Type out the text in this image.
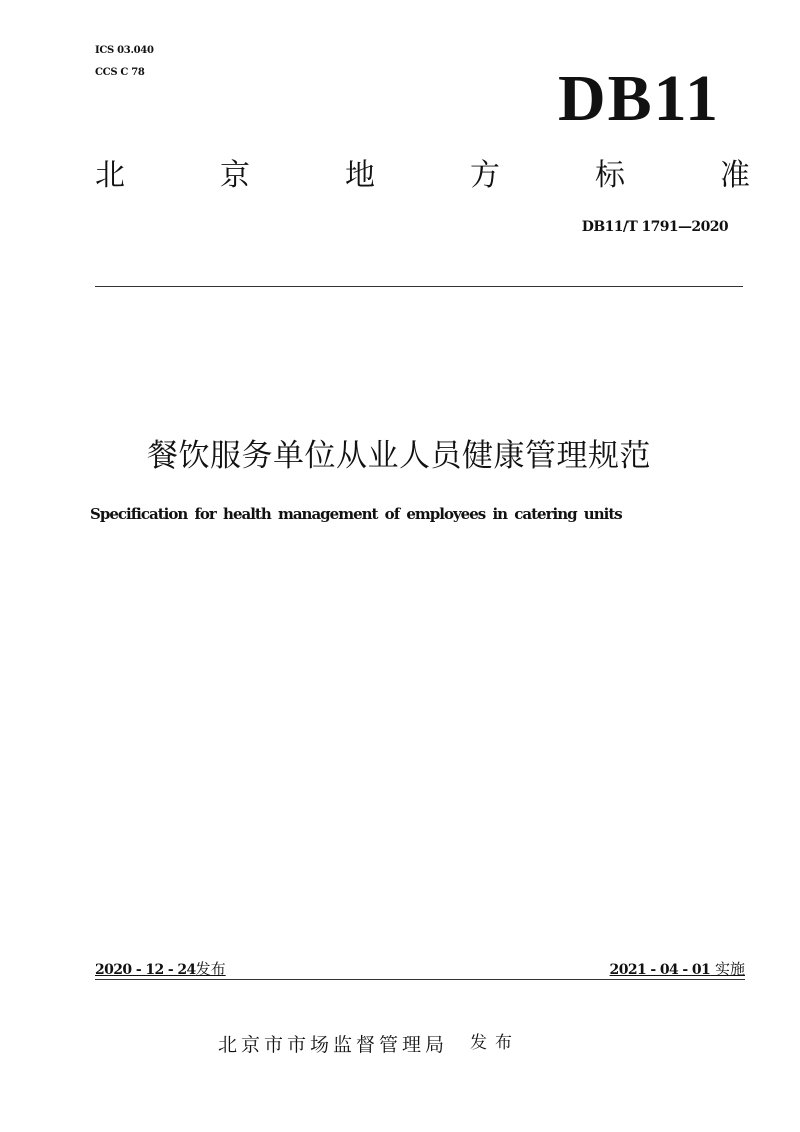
ICS 03.040
CCS C 78	DB11
北	京	地	方	标	准
DB11/T 1791—2020
餐饮服务单位从业人员健康管理规范
Specification for health management of employees in catering units
2020 - 12 - 24发布	2021 - 04 - 01 实施
北京市市场监督管理局 发布
